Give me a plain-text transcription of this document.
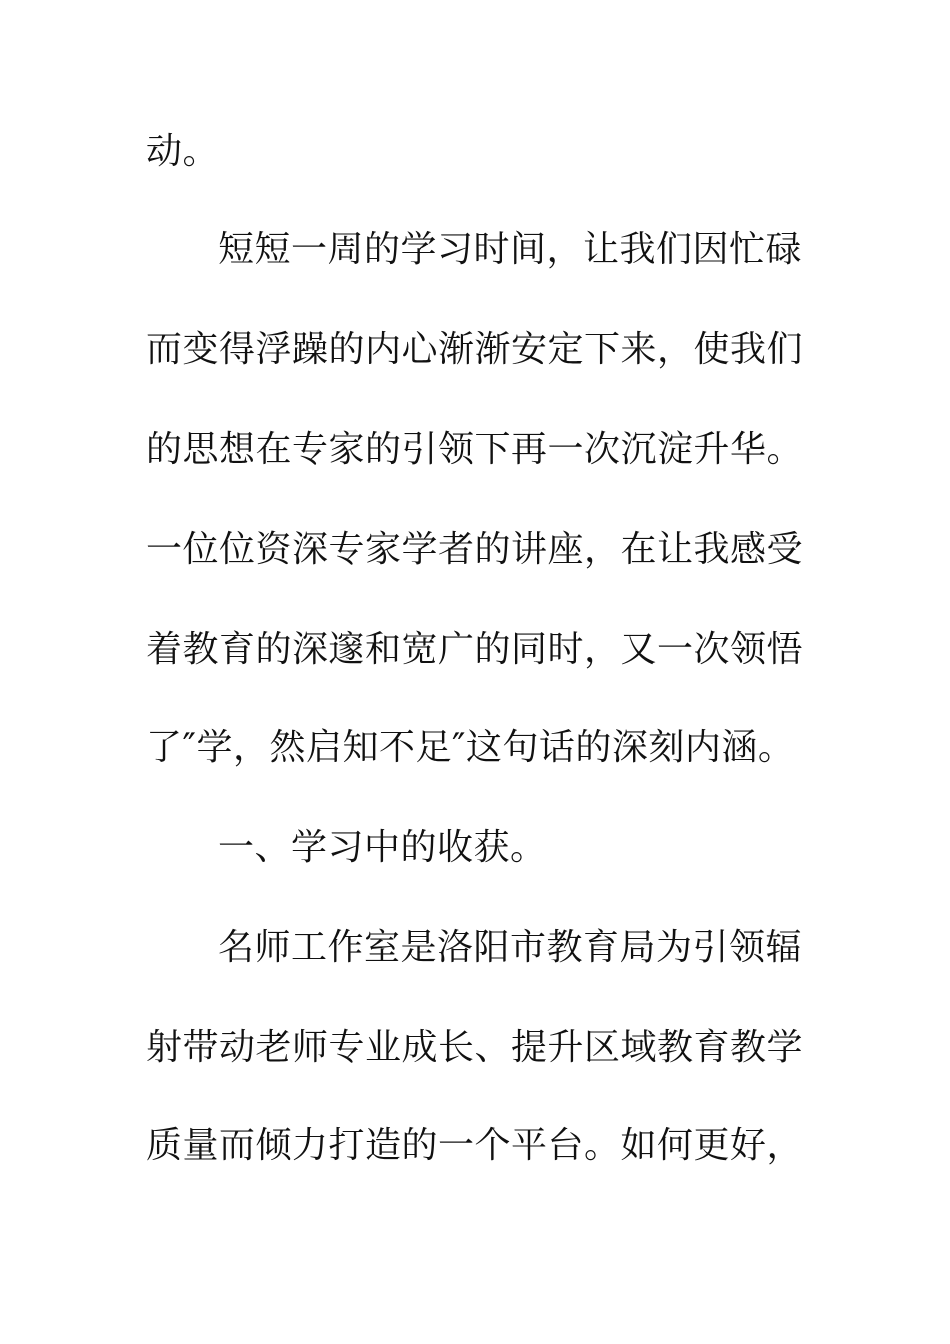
动。
短短一周的学习时间，让我们因忙碌
而变得浮躁的内心渐渐安定下来，使我们
的思想在专家的引领下再一次沉淀升华。
一位位资深专家学者的讲座，在让我感受
着教育的深邃和宽广的同时，又一次领悟
了″学，然启知不足″这句话的深刻内涵。
一、学习中的收获。
名师工作室是洛阳市教育局为引领辐
射带动老师专业成长、提升区域教育教学
质量而倾力打造的一个平台。如何更好，
